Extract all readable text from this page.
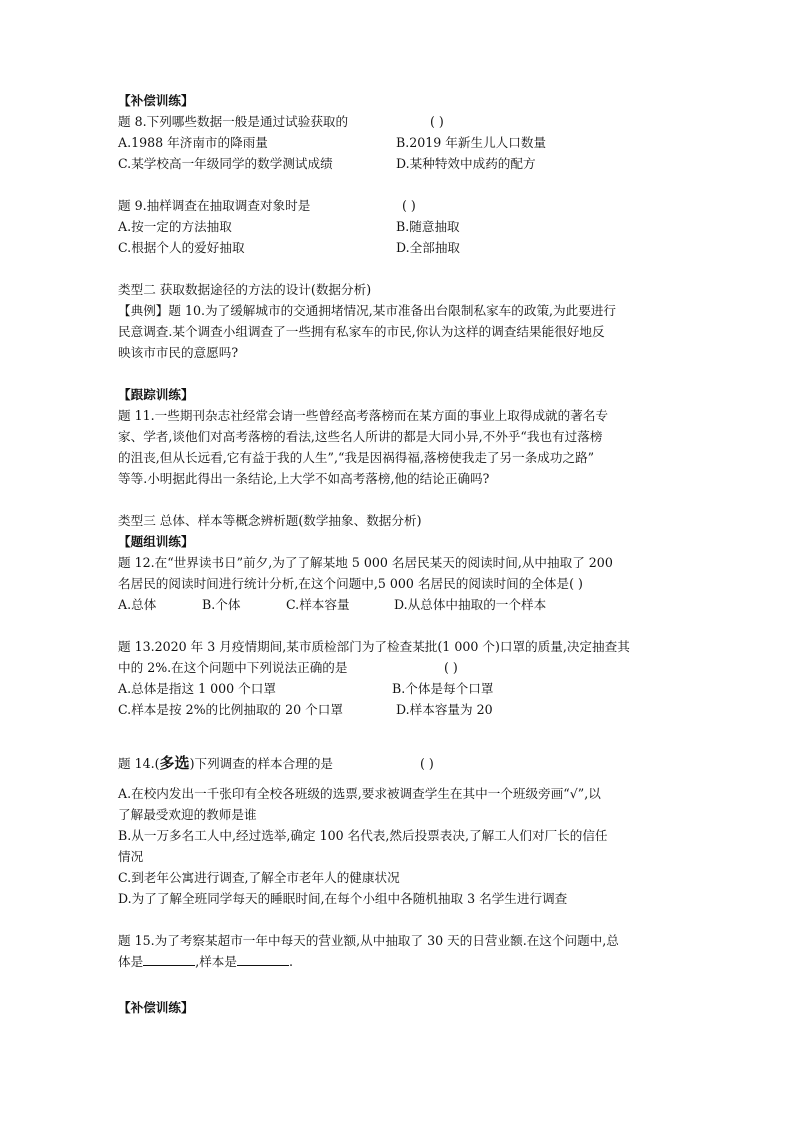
【补偿训练】
题 8.下列哪些数据一般是通过试验获取的	( )
A.1988 年济南市的降雨量	B.2019 年新生儿人口数量
C.某学校高一年级同学的数学测试成绩	D.某种特效中成药的配方
题 9.抽样调查在抽取调查对象时是	( )
A.按一定的方法抽取	B.随意抽取
C.根据个人的爱好抽取	D.全部抽取
类型二 获取数据途径的方法的设计(数据分析)
【典例】题 10.为了缓解城市的交通拥堵情况,某市准备出台限制私家车的政策,为此要进行
民意调查.某个调查小组调查了一些拥有私家车的市民,你认为这样的调查结果能很好地反
映该市市民的意愿吗?
【跟踪训练】
题 11.一些期刊杂志社经常会请一些曾经高考落榜而在某方面的事业上取得成就的著名专
家、学者,谈他们对高考落榜的看法,这些名人所讲的都是大同小异,不外乎“我也有过落榜
的沮丧,但从长远看,它有益于我的人生”,“我是因祸得福,落榜使我走了另一条成功之路”
等等.小明据此得出一条结论,上大学不如高考落榜,他的结论正确吗?
类型三 总体、样本等概念辨析题(数学抽象、数据分析)
【题组训练】
题 12.在“世界读书日”前夕,为了了解某地 5 000 名居民某天的阅读时间,从中抽取了 200
名居民的阅读时间进行统计分析,在这个问题中,5 000 名居民的阅读时间的全体是( )
A.总体	B.个体	C.样本容量	D.从总体中抽取的一个样本
题 13.2020 年 3 月疫情期间,某市质检部门为了检查某批(1 000 个)口罩的质量,决定抽查其
中的 2%.在这个问题中下列说法正确的是	( )
A.总体是指这 1 000 个口罩	B.个体是每个口罩
C.样本是按 2%的比例抽取的 20 个口罩	D.样本容量为 20
题 14.(多选)下列调查的样本合理的是	( )
A.在校内发出一千张印有全校各班级的选票,要求被调查学生在其中一个班级旁画“√”,以
了解最受欢迎的教师是谁
B.从一万多名工人中,经过选举,确定 100 名代表,然后投票表决,了解工人们对厂长的信任
情况
C.到老年公寓进行调查,了解全市老年人的健康状况
D.为了了解全班同学每天的睡眠时间,在每个小组中各随机抽取 3 名学生进行调查
题 15.为了考察某超市一年中每天的营业额,从中抽取了 30 天的日营业额.在这个问题中,总
体是	,样本是	.
【补偿训练】
